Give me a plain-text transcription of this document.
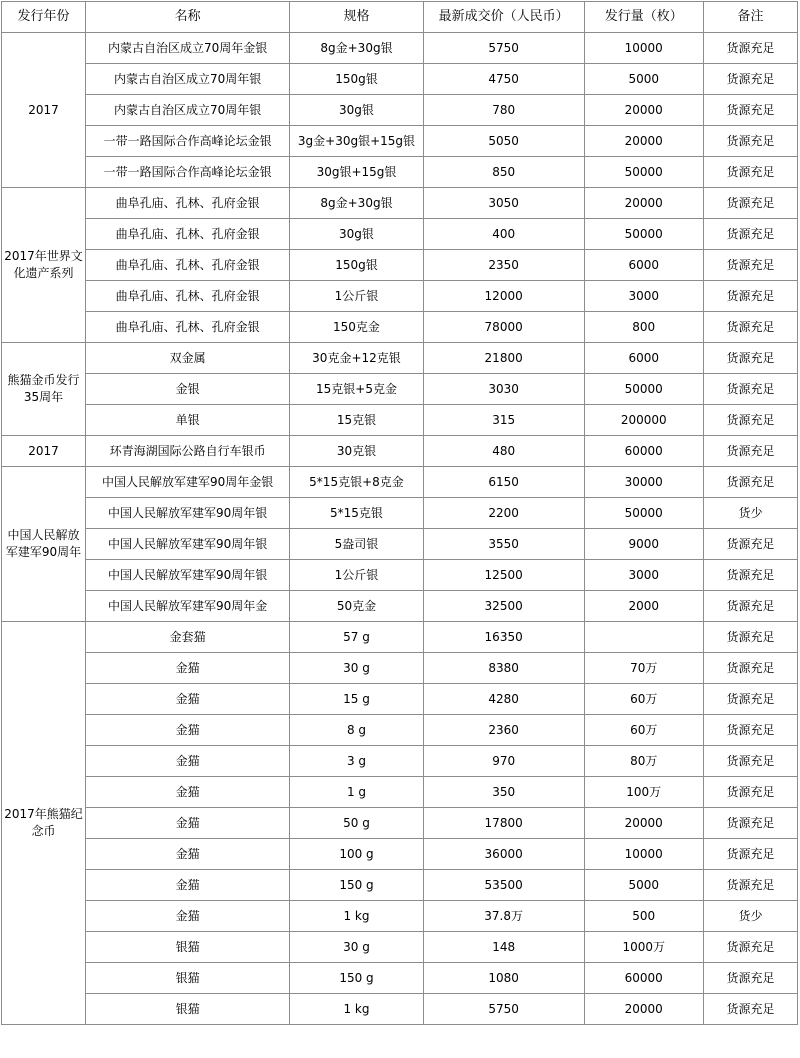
发行年份	名称	规格	最新成交价（人民币）	发行量（枚）	备注
2017	内蒙古自治区成立70周年金银	8g金+30g银	5750	10000	货源充足
	内蒙古自治区成立70周年银	150g银	4750	5000	货源充足
	内蒙古自治区成立70周年银	30g银	780	20000	货源充足
	一带一路国际合作高峰论坛金银	3g金+30g银+15g银	5050	20000	货源充足
	一带一路国际合作高峰论坛金银	30g银+15g银	850	50000	货源充足
2017年世界文化遗产系列	曲阜孔庙、孔林、孔府金银	8g金+30g银	3050	20000	货源充足
	曲阜孔庙、孔林、孔府金银	30g银	400	50000	货源充足
	曲阜孔庙、孔林、孔府金银	150g银	2350	6000	货源充足
	曲阜孔庙、孔林、孔府金银	1公斤银	12000	3000	货源充足
	曲阜孔庙、孔林、孔府金银	150克金	78000	800	货源充足
熊猫金币发行35周年	双金属	30克金+12克银	21800	6000	货源充足
	金银	15克银+5克金	3030	50000	货源充足
	单银	15克银	315	200000	货源充足
2017	环青海湖国际公路自行车银币	30克银	480	60000	货源充足
中国人民解放军建军90周年	中国人民解放军建军90周年金银	5*15克银+8克金	6150	30000	货源充足
	中国人民解放军建军90周年银	5*15克银	2200	50000	货少
	中国人民解放军建军90周年银	5盎司银	3550	9000	货源充足
	中国人民解放军建军90周年银	1公斤银	12500	3000	货源充足
	中国人民解放军建军90周年金	50克金	32500	2000	货源充足
2017年熊猫纪念币	金套猫	57 g	16350		货源充足
	金猫	30 g	8380	70万	货源充足
	金猫	15 g	4280	60万	货源充足
	金猫	8 g	2360	60万	货源充足
	金猫	3 g	970	80万	货源充足
	金猫	1 g	350	100万	货源充足
	金猫	50 g	17800	20000	货源充足
	金猫	100 g	36000	10000	货源充足
	金猫	150 g	53500	5000	货源充足
	金猫	1 kg	37.8万	500	货少
	银猫	30 g	148	1000万	货源充足
	银猫	150 g	1080	60000	货源充足
	银猫	1 kg	5750	20000	货源充足
